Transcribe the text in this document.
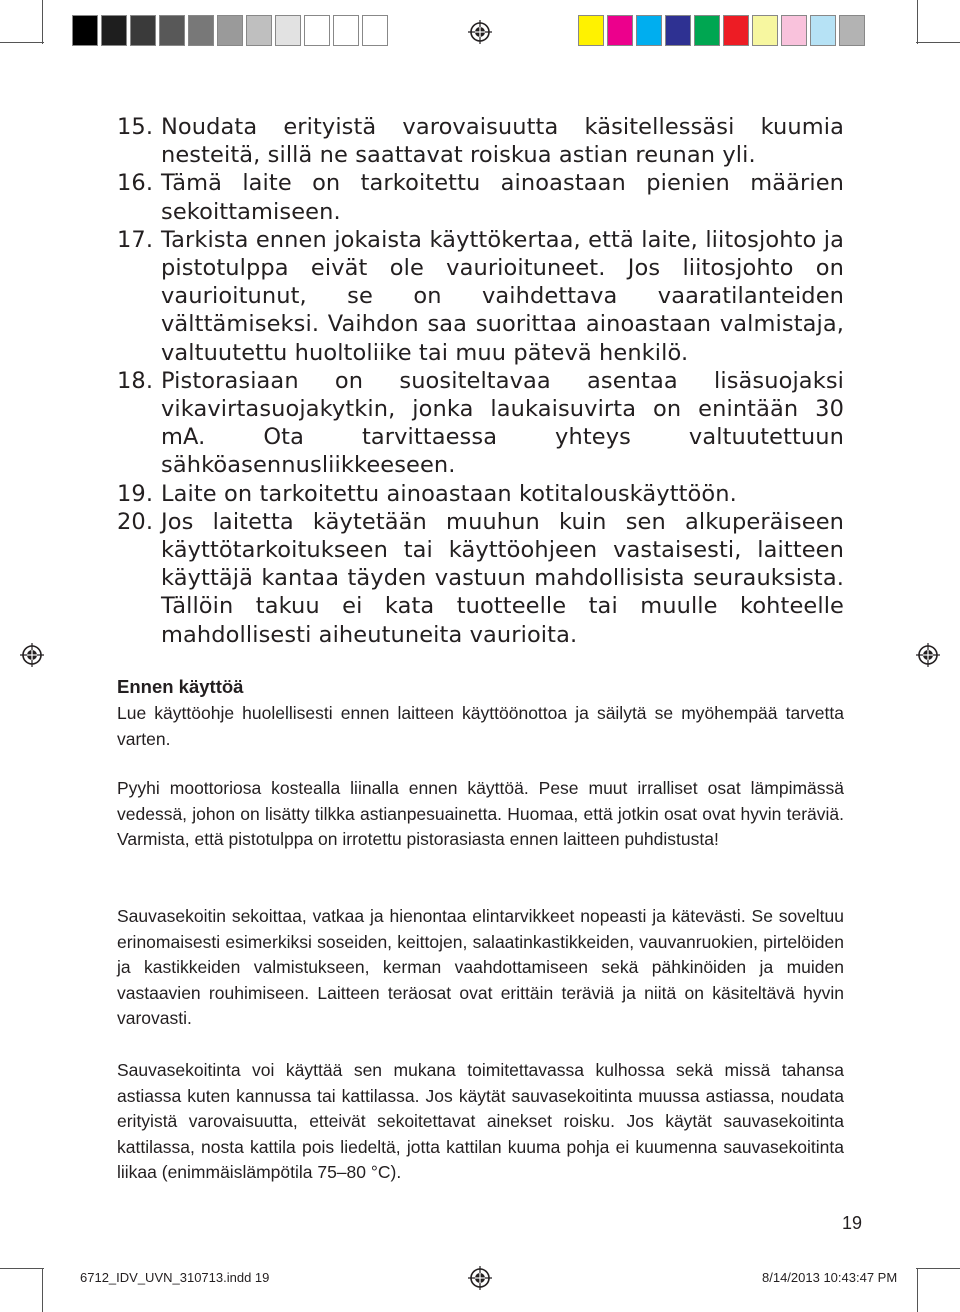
15. Noudata erityistä varovaisuutta käsitellessäsi kuumia nesteitä, sillä ne saattavat roiskua astian reunan yli.
16. Tämä laite on tarkoitettu ainoastaan pienien määrien sekoittamiseen.
17. Tarkista ennen jokaista käyttökertaa, että laite, liitosjohto ja pistotulppa eivät ole vaurioituneet. Jos liitosjohto on vaurioitunut, se on vaihdettava vaaratilanteiden välttämiseksi. Vaihdon saa suorittaa ainoastaan valmistaja, valtuutettu huoltoliike tai muu pätevä henkilö.
18. Pistorasiaan on suositeltavaa asentaa lisäsuojaksi vikavirtasuojakytkin, jonka laukaisuvirta on enintään 30 mA. Ota tarvittaessa yhteys valtuutettuun sähköasennusliikkeeseen.
19. Laite on tarkoitettu ainoastaan kotitalouskäyttöön.
20. Jos laitetta käytetään muuhun kuin sen alkuperäiseen käyttötarkoitukseen tai käyttöohjeen vastaisesti, laitteen käyttäjä kantaa täyden vastuun mahdollisista seurauksista. Tällöin takuu ei kata tuotteelle tai muulle kohteelle mahdollisesti aiheutuneita vaurioita.
Ennen käyttöä
Lue käyttöohje huolellisesti ennen laitteen käyttöönottoa ja säilytä se myöhempää tarvetta varten.
Pyyhi moottoriosa kostealla liinalla ennen käyttöä. Pese muut irralliset osat lämpimässä vedessä, johon on lisätty tilkka astianpesuainetta. Huomaa, että jotkin osat ovat hyvin teräviä. Varmista, että pistotulppa on irrotettu pistorasiasta ennen laitteen puhdistusta!
Sauvasekoitin sekoittaa, vatkaa ja hienontaa elintarvikkeet nopeasti ja kätevästi. Se soveltuu erinomaisesti esimerkiksi soseiden, keittojen, salaatinkastikkeiden, vauvanruokien, pirtelöiden ja kastikkeiden valmistukseen, kerman vaahdottamiseen sekä pähkinöiden ja muiden vastaavien rouhimiseen. Laitteen teräosat ovat erittäin teräviä ja niitä on käsiteltävä hyvin varovasti.
Sauvasekoitinta voi käyttää sen mukana toimitettavassa kulhossa sekä missä tahansa astiassa kuten kannussa tai kattilassa. Jos käytät sauvasekoitinta muussa astiassa, noudata erityistä varovaisuutta, etteivät sekoitettavat ainekset roisku. Jos käytät sauvasekoitinta kattilassa, nosta kattila pois liedeltä, jotta kattilan kuuma pohja ei kuumenna sauvasekoitinta liikaa (enimmäislämpötila 75–80 °C).
19
6712_IDV_UVN_310713.indd 19	8/14/2013 10:43:47 PM
